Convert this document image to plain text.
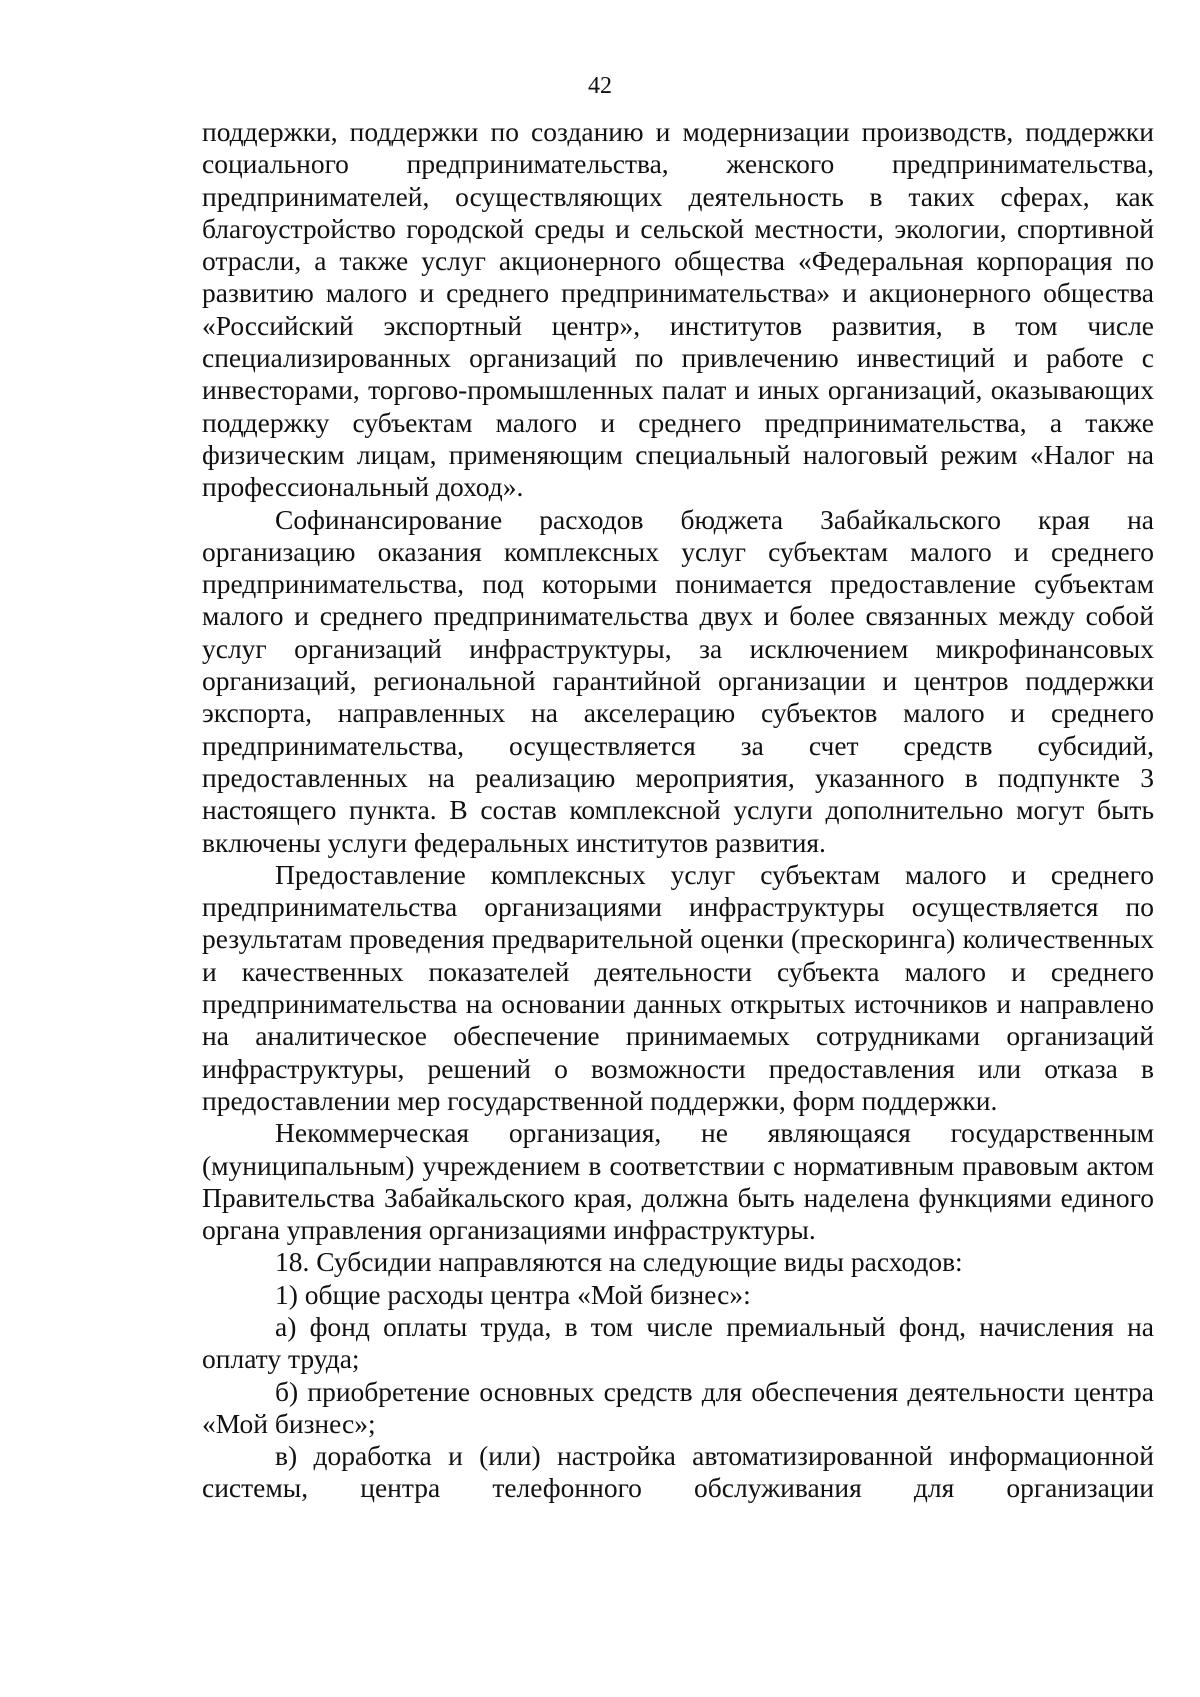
42

поддержки, поддержки по созданию и модернизации производств, поддержки социального предпринимательства, женского предпринимательства, предпринимателей, осуществляющих деятельность в таких сферах, как благоустройство городской среды и сельской местности, экологии, спортивной отрасли, а также услуг акционерного общества «Федеральная корпорация по развитию малого и среднего предпринимательства» и акционерного общества «Российский экспортный центр», институтов развития, в том числе специализированных организаций по привлечению инвестиций и работе с инвесторами, торгово-промышленных палат и иных организаций, оказывающих поддержку субъектам малого и среднего предпринимательства, а также физическим лицам, применяющим специальный налоговый режим «Налог на профессиональный доход».

Софинансирование расходов бюджета Забайкальского края на организацию оказания комплексных услуг субъектам малого и среднего предпринимательства, под которыми понимается предоставление субъектам малого и среднего предпринимательства двух и более связанных между собой услуг организаций инфраструктуры, за исключением микрофинансовых организаций, региональной гарантийной организации и центров поддержки экспорта, направленных на акселерацию субъектов малого и среднего предпринимательства, осуществляется за счет средств субсидий, предоставленных на реализацию мероприятия, указанного в подпункте 3 настоящего пункта. В состав комплексной услуги дополнительно могут быть включены услуги федеральных институтов развития.

Предоставление комплексных услуг субъектам малого и среднего предпринимательства организациями инфраструктуры осуществляется по результатам проведения предварительной оценки (прескоринга) количественных и качественных показателей деятельности субъекта малого и среднего предпринимательства на основании данных открытых источников и направлено на аналитическое обеспечение принимаемых сотрудниками организаций инфраструктуры, решений о возможности предоставления или отказа в предоставлении мер государственной поддержки, форм поддержки.

Некоммерческая организация, не являющаяся государственным (муниципальным) учреждением в соответствии с нормативным правовым актом Правительства Забайкальского края, должна быть наделена функциями единого органа управления организациями инфраструктуры.

18. Субсидии направляются на следующие виды расходов:

1) общие расходы центра «Мой бизнес»:

а) фонд оплаты труда, в том числе премиальный фонд, начисления на оплату труда;

б) приобретение основных средств для обеспечения деятельности центра «Мой бизнес»;

в) доработка и (или) настройка автоматизированной информационной системы, центра телефонного обслуживания для организации
